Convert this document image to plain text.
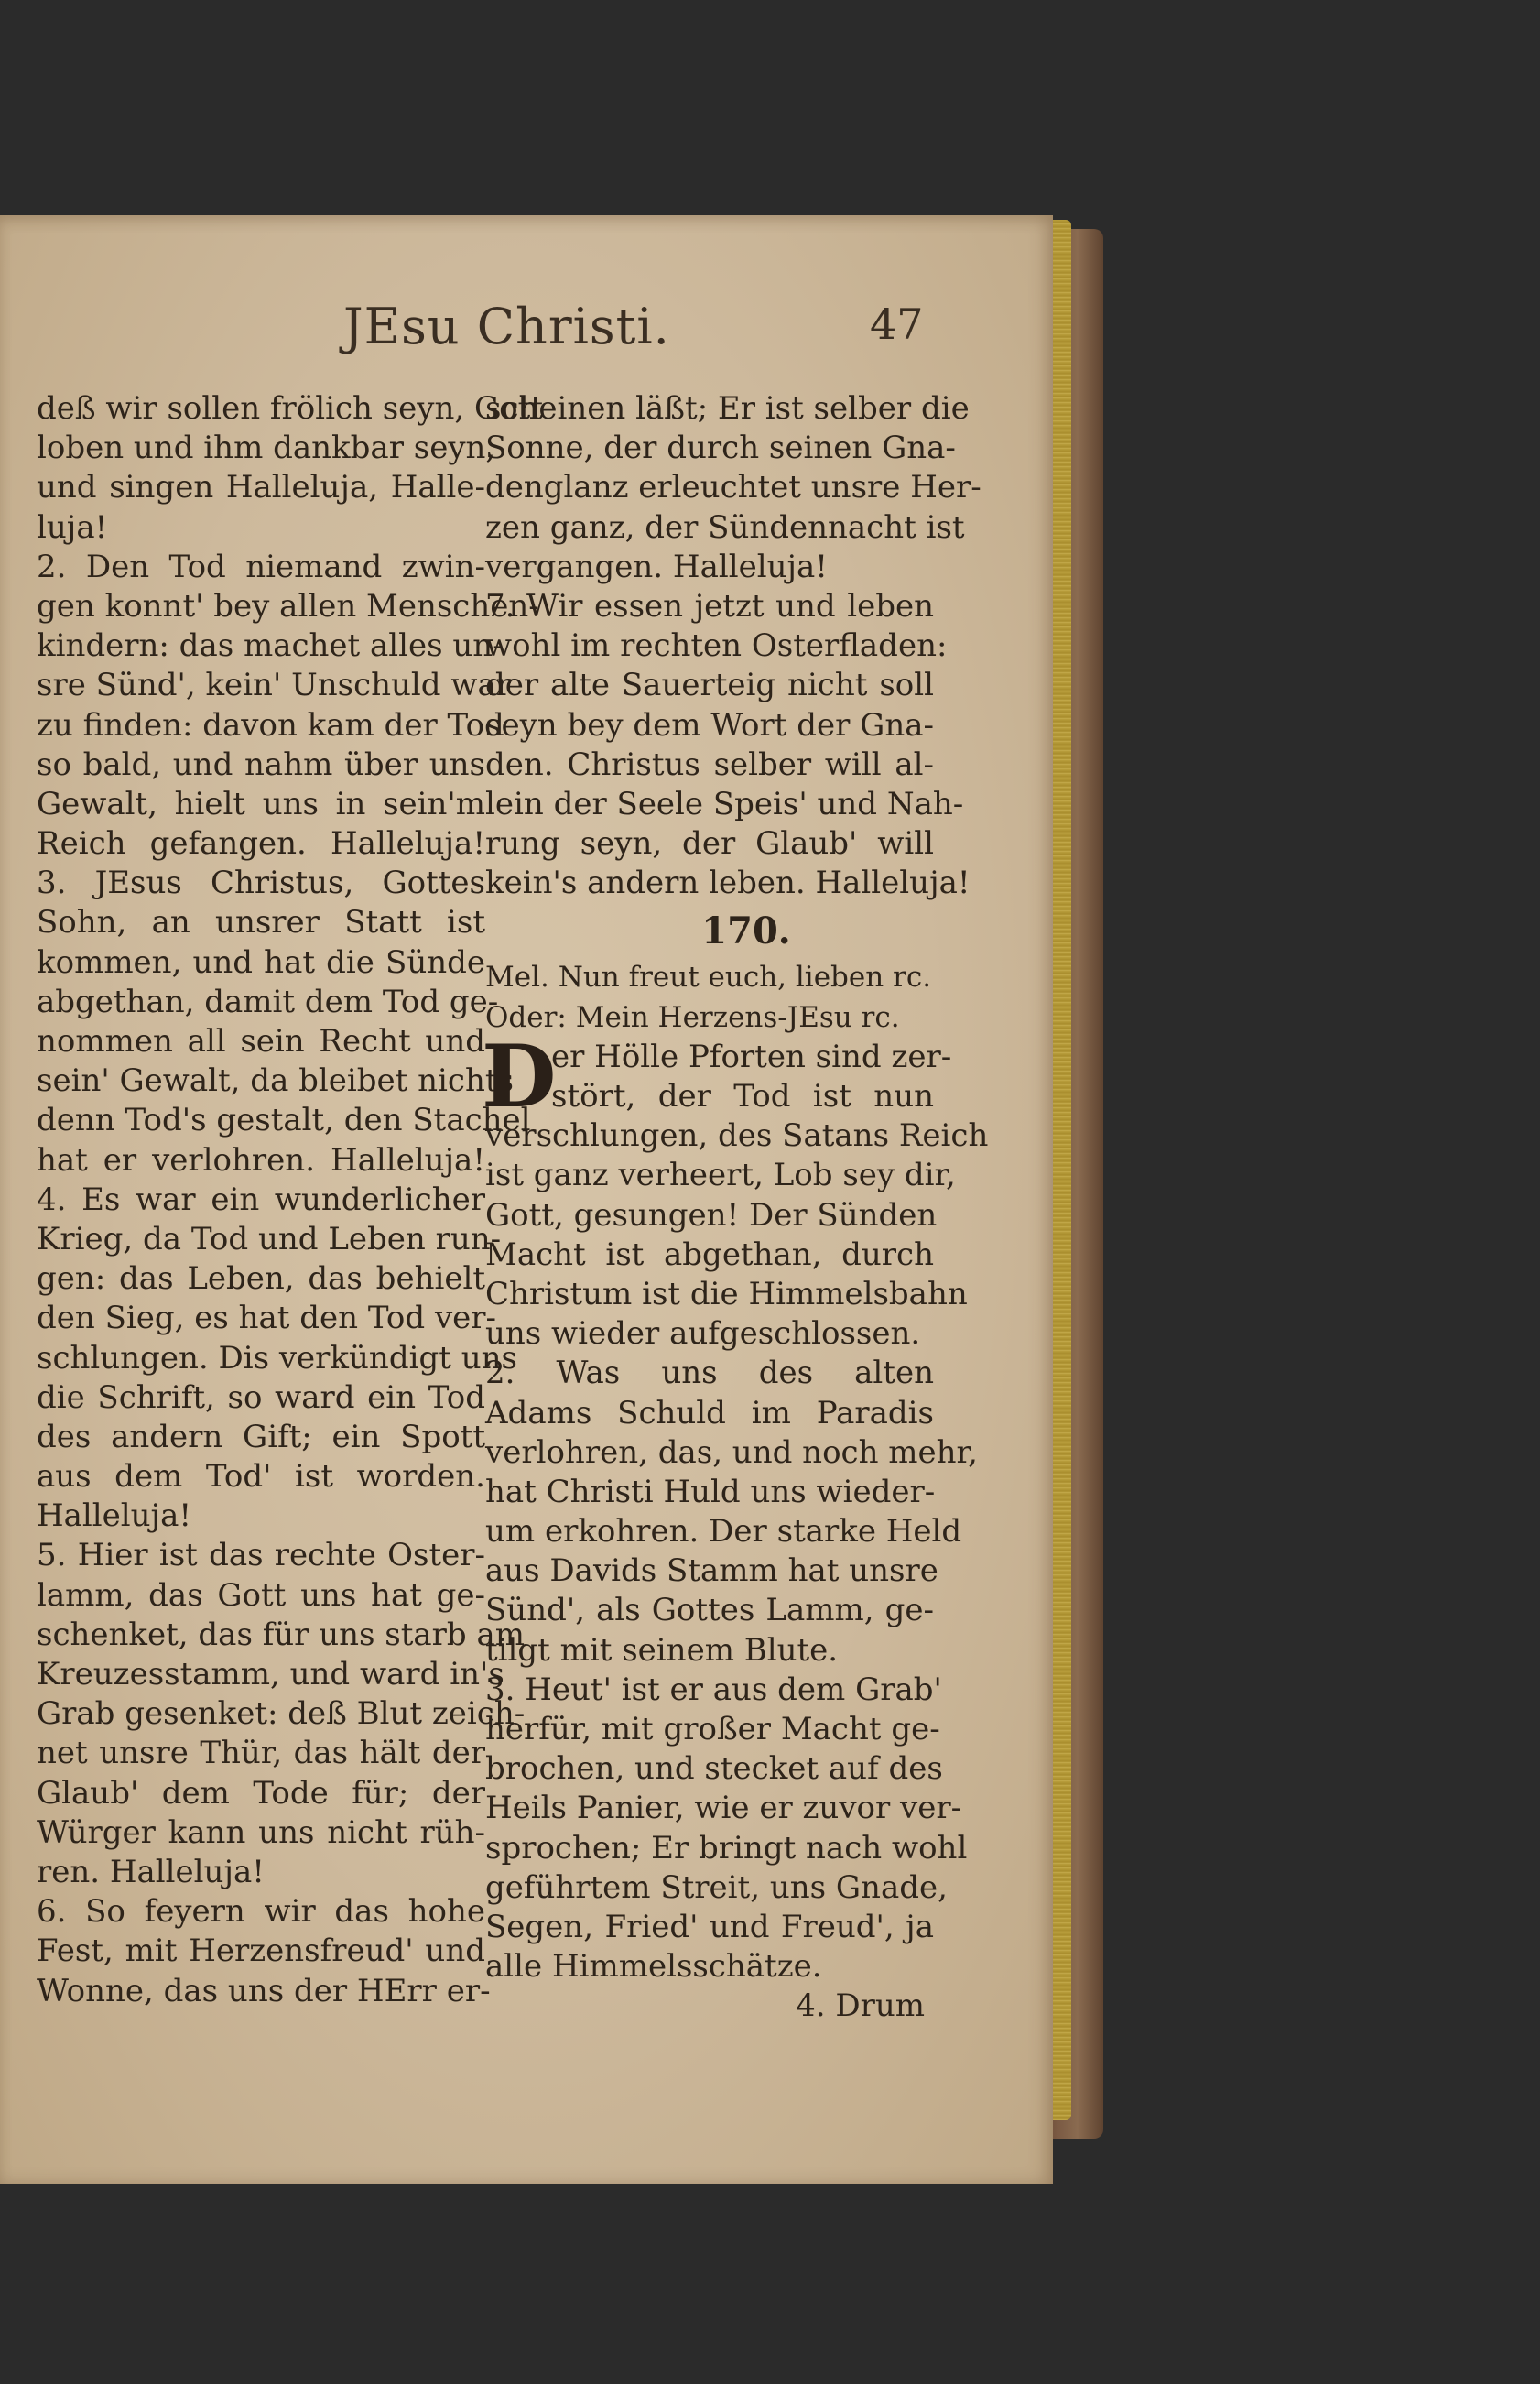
JEsu Christi.	47
deß wir sollen frölich seyn, Gott
loben und ihm dankbar seyn,
und singen Halleluja, Halle-
luja!
2. Den Tod niemand zwin-
gen konnt' bey allen Menschen-
kindern: das machet alles un-
sre Sünd', kein' Unschuld war
zu finden: davon kam der Tod
so bald, und nahm über uns
Gewalt, hielt uns in sein'm
Reich gefangen. Halleluja!
3. JEsus Christus, Gottes
Sohn, an unsrer Statt ist
kommen, und hat die Sünde
abgethan, damit dem Tod ge-
nommen all sein Recht und
sein' Gewalt, da bleibet nichts
denn Tod's gestalt, den Stachel
hat er verlohren. Halleluja!
4. Es war ein wunderlicher
Krieg, da Tod und Leben run-
gen: das Leben, das behielt
den Sieg, es hat den Tod ver-
schlungen. Dis verkündigt uns
die Schrift, so ward ein Tod
des andern Gift; ein Spott
aus dem Tod' ist worden.
Halleluja!
5. Hier ist das rechte Oster-
lamm, das Gott uns hat ge-
schenket, das für uns starb am
Kreuzesstamm, und ward in's
Grab gesenket: deß Blut zeich-
net unsre Thür, das hält der
Glaub' dem Tode für; der
Würger kann uns nicht rüh-
ren. Halleluja!
6. So feyern wir das hohe
Fest, mit Herzensfreud' und
Wonne, das uns der HErr er-
scheinen läßt; Er ist selber die
Sonne, der durch seinen Gna-
denglanz erleuchtet unsre Her-
zen ganz, der Sündennacht ist
vergangen. Halleluja!
7. Wir essen jetzt und leben
wohl im rechten Osterfladen:
der alte Sauerteig nicht soll
seyn bey dem Wort der Gna-
den. Christus selber will al-
lein der Seele Speis' und Nah-
rung seyn, der Glaub' will
kein's andern leben. Halleluja!
170.
Mel. Nun freut euch, lieben rc.
Oder: Mein Herzens-JEsu rc.
D
er Hölle Pforten sind zer-
stört, der Tod ist nun
verschlungen, des Satans Reich
ist ganz verheert, Lob sey dir,
Gott, gesungen! Der Sünden
Macht ist abgethan, durch
Christum ist die Himmelsbahn
uns wieder aufgeschlossen.
2. Was uns des alten
Adams Schuld im Paradis
verlohren, das, und noch mehr,
hat Christi Huld uns wieder-
um erkohren. Der starke Held
aus Davids Stamm hat unsre
Sünd', als Gottes Lamm, ge-
tilgt mit seinem Blute.
3. Heut' ist er aus dem Grab'
herfür, mit großer Macht ge-
brochen, und stecket auf des
Heils Panier, wie er zuvor ver-
sprochen; Er bringt nach wohl
geführtem Streit, uns Gnade,
Segen, Fried' und Freud', ja
alle Himmelsschätze.
4. Drum
